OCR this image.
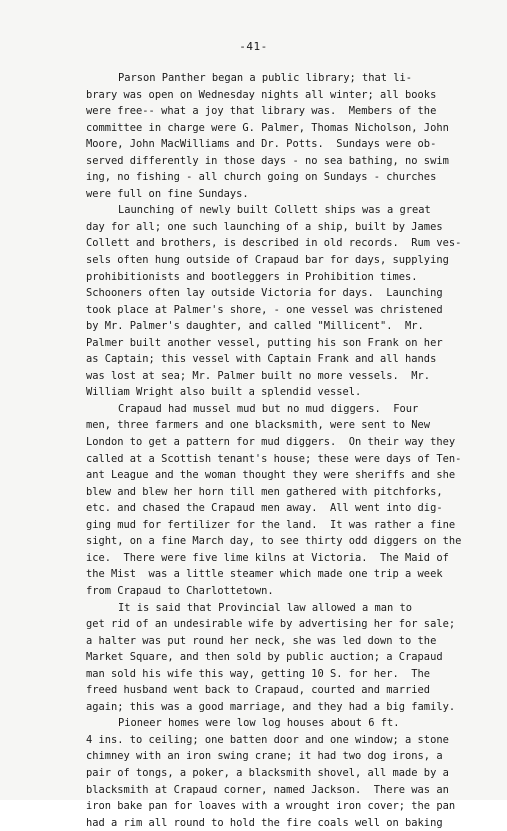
-41-
Parson Panther began a public library; that li-
brary was open on Wednesday nights all winter; all books
were free-- what a joy that library was.  Members of the
committee in charge were G. Palmer, Thomas Nicholson, John
Moore, John MacWilliams and Dr. Potts.  Sundays were ob-
served differently in those days - no sea bathing, no swim
ing, no fishing - all church going on Sundays - churches
were full on fine Sundays.
Launching of newly built Collett ships was a great
day for all; one such launching of a ship, built by James
Collett and brothers, is described in old records.  Rum ves-
sels often hung outside of Crapaud bar for days, supplying
prohibitionists and bootleggers in Prohibition times.
Schooners often lay outside Victoria for days.  Launching
took place at Palmer's shore, - one vessel was christened
by Mr. Palmer's daughter, and called "Millicent".  Mr.
Palmer built another vessel, putting his son Frank on her
as Captain; this vessel with Captain Frank and all hands
was lost at sea; Mr. Palmer built no more vessels.  Mr.
William Wright also built a splendid vessel.
Crapaud had mussel mud but no mud diggers.  Four
men, three farmers and one blacksmith, were sent to New
London to get a pattern for mud diggers.  On their way they
called at a Scottish tenant's house; these were days of Ten-
ant League and the woman thought they were sheriffs and she
blew and blew her horn till men gathered with pitchforks,
etc. and chased the Crapaud men away.  All went into dig-
ging mud for fertilizer for the land.  It was rather a fine
sight, on a fine March day, to see thirty odd diggers on the
ice.  There were five lime kilns at Victoria.  The Maid of
the Mist  was a little steamer which made one trip a week
from Crapaud to Charlottetown.
It is said that Provincial law allowed a man to
get rid of an undesirable wife by advertising her for sale;
a halter was put round her neck, she was led down to the
Market Square, and then sold by public auction; a Crapaud
man sold his wife this way, getting 10 S. for her.  The
freed husband went back to Crapaud, courted and married
again; this was a good marriage, and they had a big family.
Pioneer homes were low log houses about 6 ft.
4 ins. to ceiling; one batten door and one window; a stone
chimney with an iron swing crane; it had two dog irons, a
pair of tongs, a poker, a blacksmith shovel, all made by a
blacksmith at Crapaud corner, named Jackson.  There was an
iron bake pan for loaves with a wrought iron cover; the pan
had a rim all round to hold the fire coals well on baking
